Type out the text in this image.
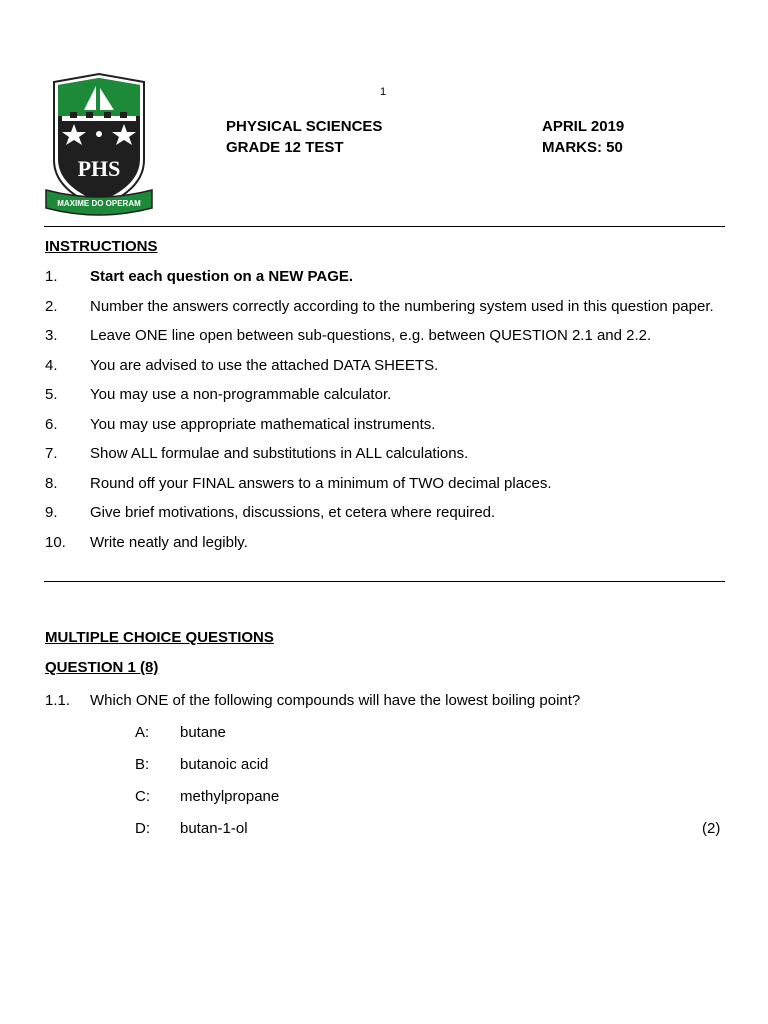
1
PHS
MAXIME DO OPERAM
PHYSICAL SCIENCES
GRADE 12 TEST
APRIL 2019
MARKS: 50
INSTRUCTIONS
1.	Start each question on a NEW PAGE.
2.	Number the answers correctly according to the numbering system used in this question paper.
3.	Leave ONE line open between sub-questions, e.g. between QUESTION 2.1 and 2.2.
4.	You are advised to use the attached DATA SHEETS.
5.	You may use a non-programmable calculator.
6.	You may use appropriate mathematical instruments.
7.	Show ALL formulae and substitutions in ALL calculations.
8.	Round off your FINAL answers to a minimum of TWO decimal places.
9.	Give brief motivations, discussions, et cetera where required.
10.	Write neatly and legibly.
MULTIPLE CHOICE QUESTIONS
QUESTION 1 (8)
1.1.	Which ONE of the following compounds will have the lowest boiling point?
A:	butane
B:	butanoic acid
C:	methylpropane
D:	butan-1-ol	(2)
